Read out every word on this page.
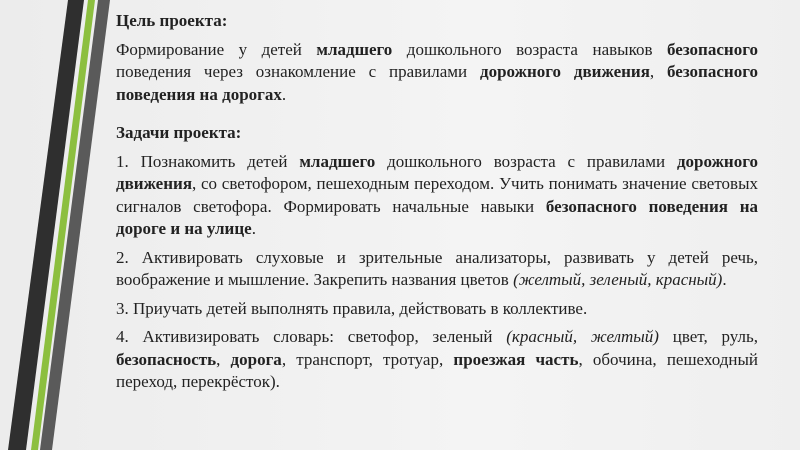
Цель проекта:
Формирование у детей младшего дошкольного возраста навыков безопасного поведения через ознакомление с правилами дорожного движения, безопасного поведения на дорогах.
Задачи проекта:
1. Познакомить детей младшего дошкольного возраста с правилами дорожного движения, со светофором, пешеходным переходом. Учить понимать значение световых сигналов светофора. Формировать начальные навыки безопасного поведения на дороге и на улице.
2. Активировать слуховые и зрительные анализаторы, развивать у детей речь, воображение и мышление. Закрепить названия цветов (желтый, зеленый, красный).
3. Приучать детей выполнять правила, действовать в коллективе.
4. Активизировать словарь: светофор, зеленый (красный, желтый) цвет, руль, безопасность, дорога, транспорт, тротуар, проезжая часть, обочина, пешеходный переход, перекрёсток).
